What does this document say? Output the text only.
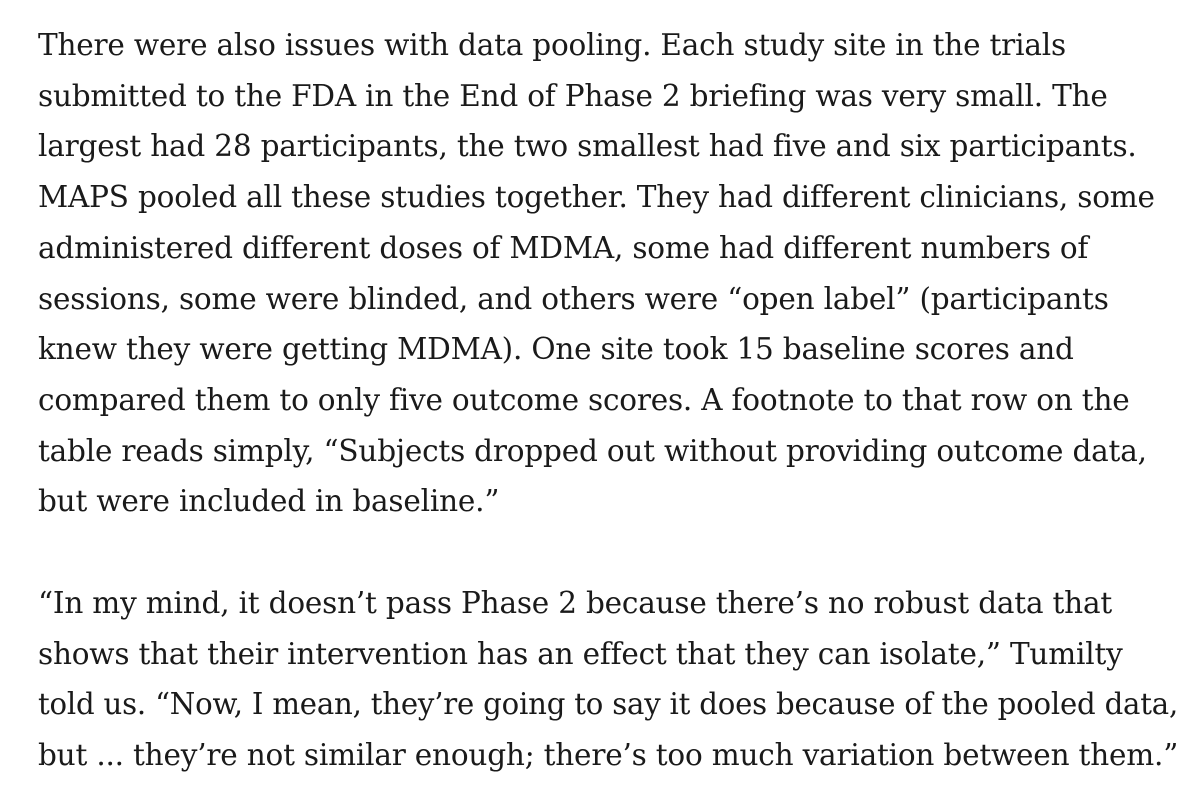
There were also issues with data pooling. Each study site in the trials
submitted to the FDA in the End of Phase 2 briefing was very small. The
largest had 28 participants, the two smallest had five and six participants.
MAPS pooled all these studies together. They had different clinicians, some
administered different doses of MDMA, some had different numbers of
sessions, some were blinded, and others were “open label” (participants
knew they were getting MDMA). One site took 15 baseline scores and
compared them to only five outcome scores. A footnote to that row on the
table reads simply, “Subjects dropped out without providing outcome data,
but were included in baseline.”

“In my mind, it doesn’t pass Phase 2 because there’s no robust data that
shows that their intervention has an effect that they can isolate,” Tumilty
told us. “Now, I mean, they’re going to say it does because of the pooled data,
but ... they’re not similar enough; there’s too much variation between them.”
